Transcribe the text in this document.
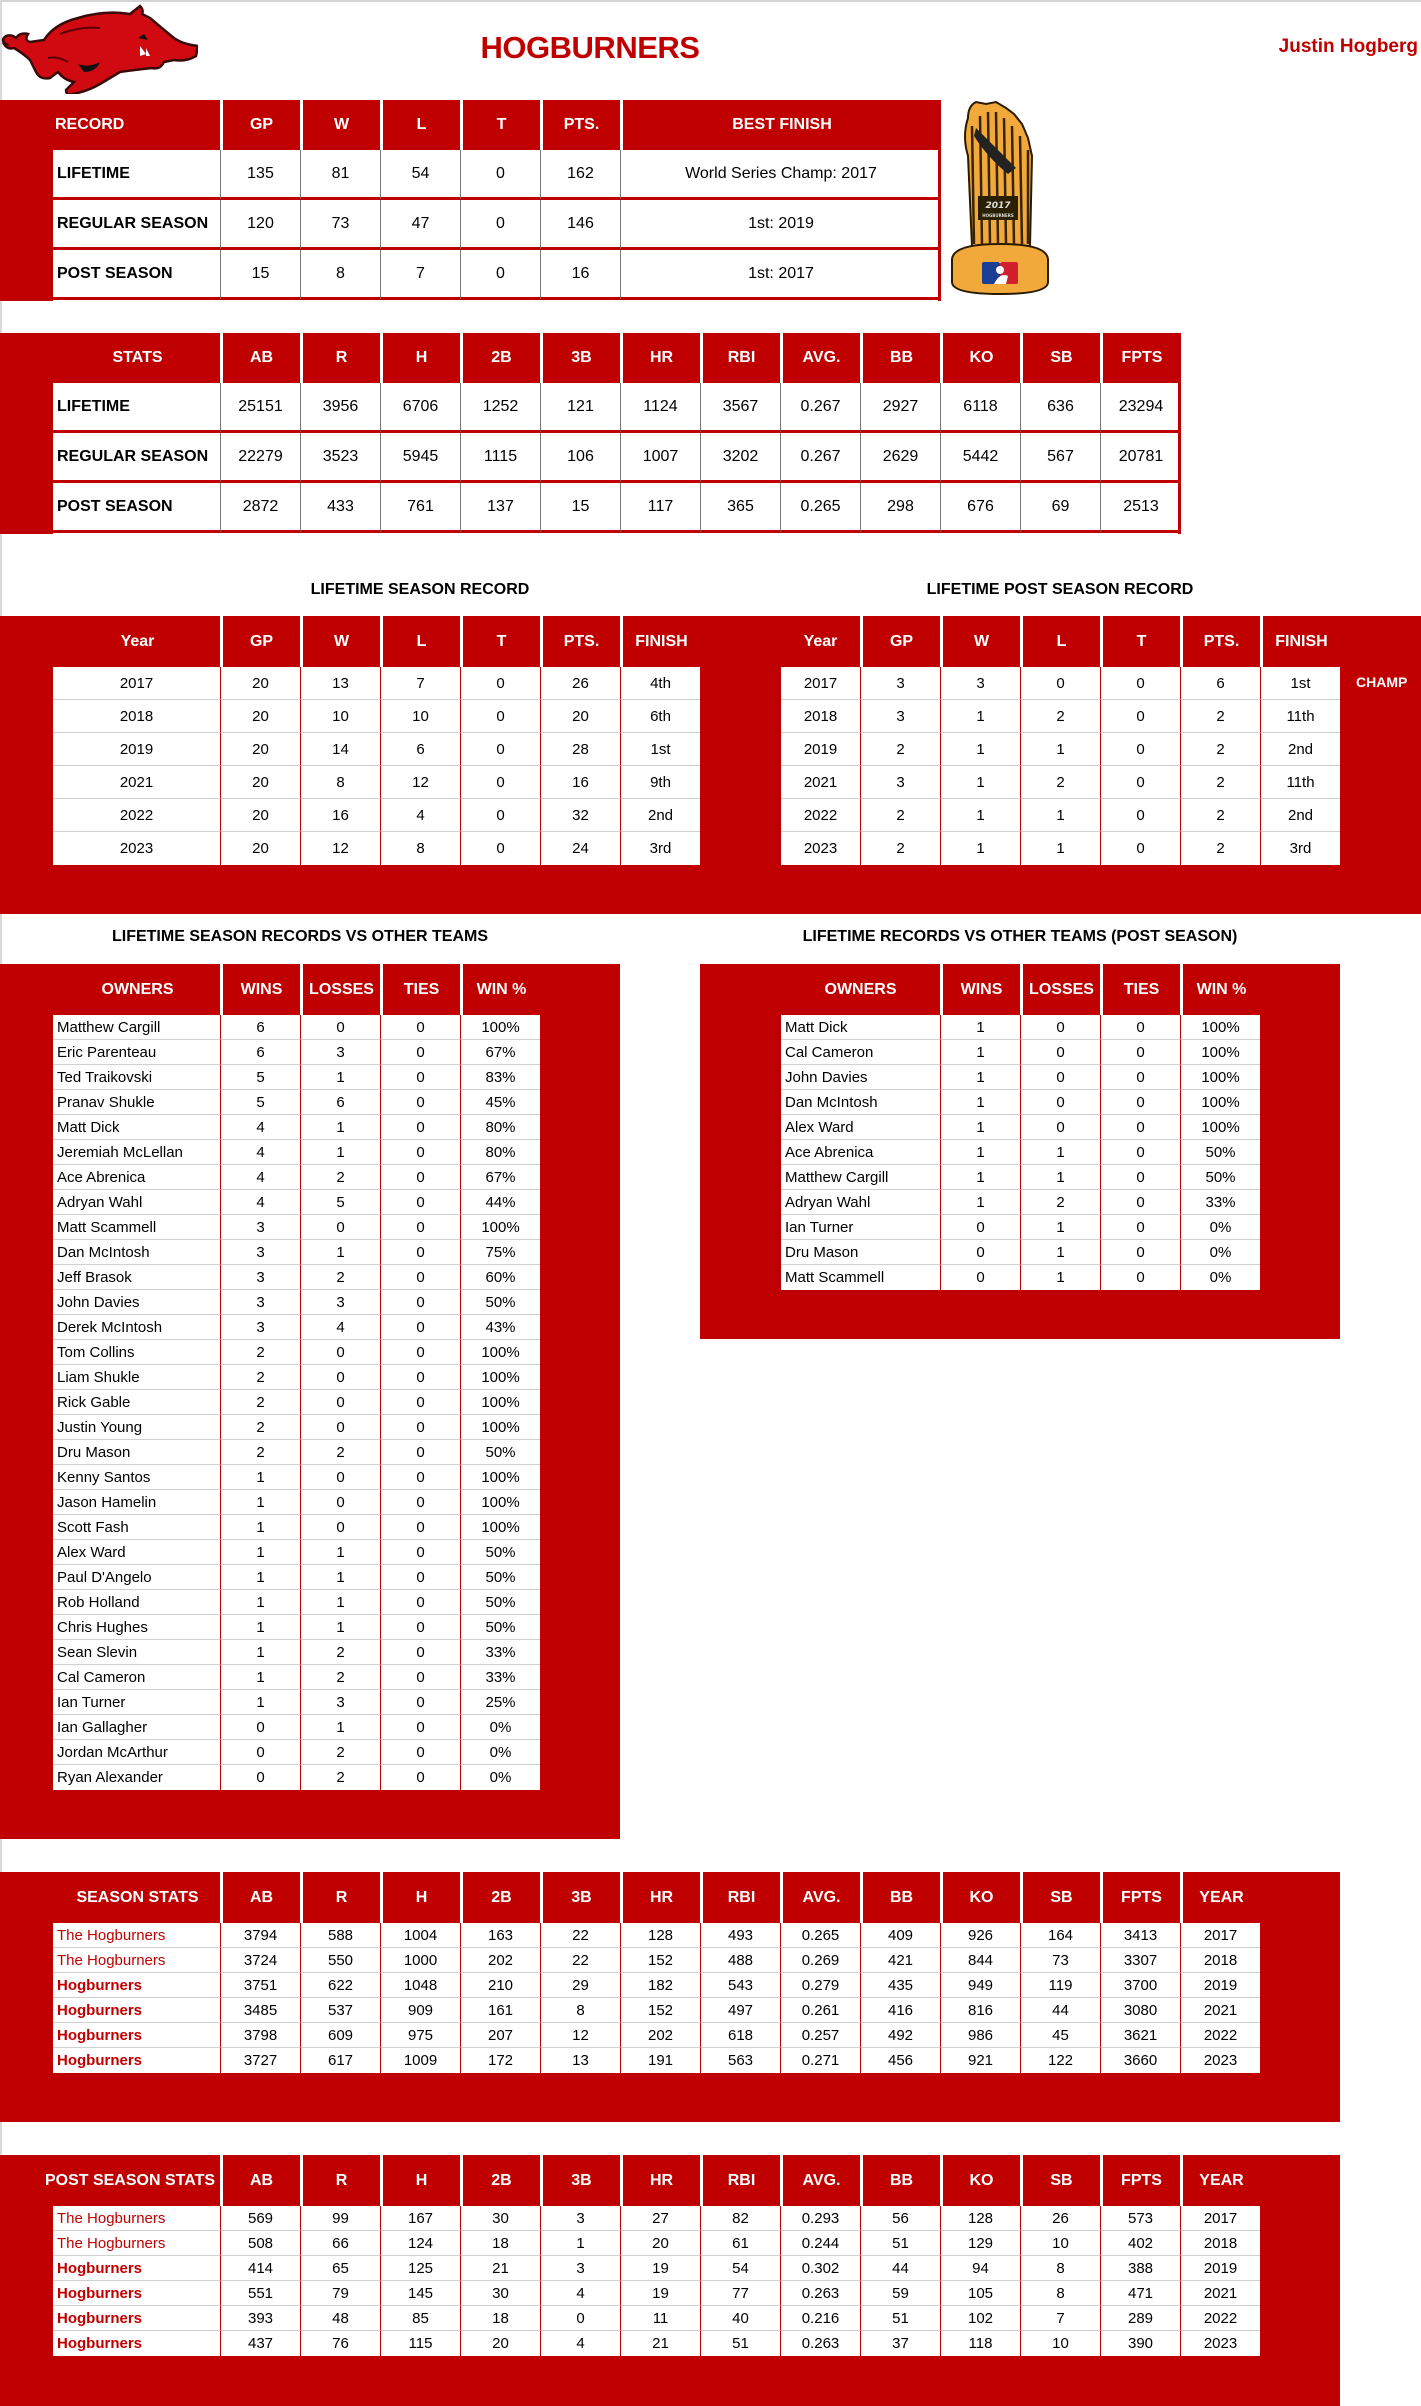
HOGBURNERS	Justin Hogberg
2017
HOGBURNERS
RECORD	GP	W	L	T	PTS.	BEST FINISH
LIFETIME	135	81	54	0	162	World Series Champ: 2017
REGULAR SEASON	120	73	47	0	146	1st: 2019
POST SEASON	15	8	7	0	16	1st: 2017
STATS	AB	R	H	2B	3B	HR	RBI	AVG.	BB	KO	SB	FPTS
LIFETIME	25151	3956	6706	1252	121	1124	3567	0.267	2927	6118	636	23294
REGULAR SEASON	22279	3523	5945	1115	106	1007	3202	0.267	2629	5442	567	20781
POST SEASON	2872	433	761	137	15	117	365	0.265	298	676	69	2513
LIFETIME SEASON RECORD
Year	GP	W	L	T	PTS.	FINISH
2017	20	13	7	0	26	4th
2018	20	10	10	0	20	6th
2019	20	14	6	0	28	1st
2021	20	8	12	0	16	9th
2022	20	16	4	0	32	2nd
2023	20	12	8	0	24	3rd
LIFETIME POST SEASON RECORD
Year	GP	W	L	T	PTS.	FINISH
2017	3	3	0	0	6	1st
2018	3	1	2	0	2	11th
2019	2	1	1	0	2	2nd
2021	3	1	2	0	2	11th
2022	2	1	1	0	2	2nd
2023	2	1	1	0	2	3rd
CHAMP
LIFETIME SEASON RECORDS VS OTHER TEAMS
OWNERS	WINS	LOSSES	TIES	WIN %
Matthew Cargill	6	0	0	100%
Eric Parenteau	6	3	0	67%
Ted Traikovski	5	1	0	83%
Pranav Shukle	5	6	0	45%
Matt Dick	4	1	0	80%
Jeremiah McLellan	4	1	0	80%
Ace Abrenica	4	2	0	67%
Adryan Wahl	4	5	0	44%
Matt Scammell	3	0	0	100%
Dan McIntosh	3	1	0	75%
Jeff Brasok	3	2	0	60%
John Davies	3	3	0	50%
Derek McIntosh	3	4	0	43%
Tom Collins	2	0	0	100%
Liam Shukle	2	0	0	100%
Rick Gable	2	0	0	100%
Justin Young	2	0	0	100%
Dru Mason	2	2	0	50%
Kenny Santos	1	0	0	100%
Jason Hamelin	1	0	0	100%
Scott Fash	1	0	0	100%
Alex Ward	1	1	0	50%
Paul D'Angelo	1	1	0	50%
Rob Holland	1	1	0	50%
Chris Hughes	1	1	0	50%
Sean Slevin	1	2	0	33%
Cal Cameron	1	2	0	33%
Ian Turner	1	3	0	25%
Ian Gallagher	0	1	0	0%
Jordan McArthur	0	2	0	0%
Ryan Alexander	0	2	0	0%
LIFETIME RECORDS VS OTHER TEAMS (POST SEASON)
OWNERS	WINS	LOSSES	TIES	WIN %
Matt Dick	1	0	0	100%
Cal Cameron	1	0	0	100%
John Davies	1	0	0	100%
Dan McIntosh	1	0	0	100%
Alex Ward	1	0	0	100%
Ace Abrenica	1	1	0	50%
Matthew Cargill	1	1	0	50%
Adryan Wahl	1	2	0	33%
Ian Turner	0	1	0	0%
Dru Mason	0	1	0	0%
Matt Scammell	0	1	0	0%
SEASON STATS	AB	R	H	2B	3B	HR	RBI	AVG.	BB	KO	SB	FPTS	YEAR
The Hogburners	3794	588	1004	163	22	128	493	0.265	409	926	164	3413	2017
The Hogburners	3724	550	1000	202	22	152	488	0.269	421	844	73	3307	2018
Hogburners	3751	622	1048	210	29	182	543	0.279	435	949	119	3700	2019
Hogburners	3485	537	909	161	8	152	497	0.261	416	816	44	3080	2021
Hogburners	3798	609	975	207	12	202	618	0.257	492	986	45	3621	2022
Hogburners	3727	617	1009	172	13	191	563	0.271	456	921	122	3660	2023
POST SEASON STATS	AB	R	H	2B	3B	HR	RBI	AVG.	BB	KO	SB	FPTS	YEAR
The Hogburners	569	99	167	30	3	27	82	0.293	56	128	26	573	2017
The Hogburners	508	66	124	18	1	20	61	0.244	51	129	10	402	2018
Hogburners	414	65	125	21	3	19	54	0.302	44	94	8	388	2019
Hogburners	551	79	145	30	4	19	77	0.263	59	105	8	471	2021
Hogburners	393	48	85	18	0	11	40	0.216	51	102	7	289	2022
Hogburners	437	76	115	20	4	21	51	0.263	37	118	10	390	2023
